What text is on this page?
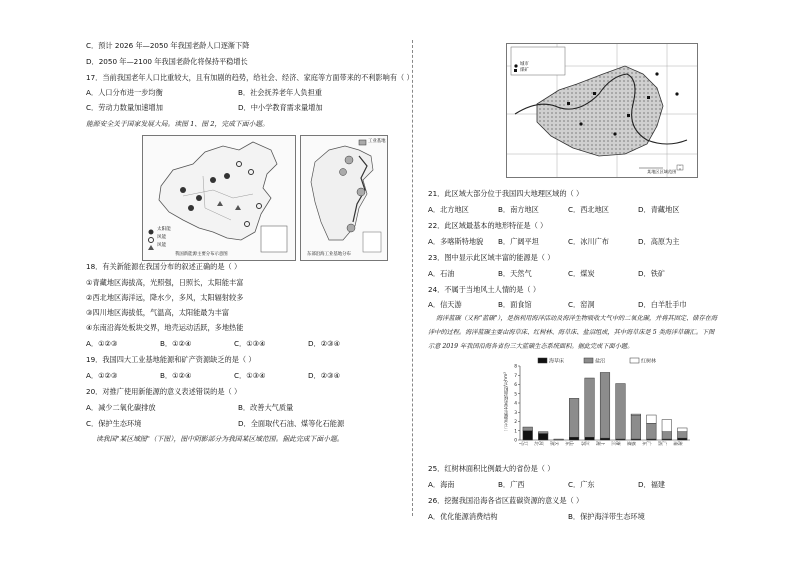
C．预计 2026 年—2050 年我国老龄人口逐渐下降
D．2050 年—2100 年我国老龄化将保持平稳增长
17．当前我国老年人口比重较大，且有加剧的趋势，给社会、经济、家庭等方面带来的不利影响有（ ）
A．人口分布进一步均衡	B．社会抚养老年人负担重
C．劳动力数量加速增加	D．中小学教育需求量增加
能源安全关于国家发展大局。读图 1、图 2，完成下面小题。
太阳能
风能
风能
我国新能源主要分布示意图
工业基地
东部沿海工业基地分布
18．有关新能源在我国分布的叙述正确的是（ ）
①青藏地区海拔高，光照强，日照长，太阳能丰富
②西北地区海洋远，降水少，多风，太阳辐射较多
③四川地区海拔低，气温高，太阳能最为丰富
④东南沿海处板块交界，地壳运动活跃，多地热能
A．①②③	B．①②④	C．①③④	D．②③④
19．我国四大工业基地能源和矿产资源缺乏的是（ ）
A．①②③	B．①②④	C．①③④	D．②③④
20．对推广使用新能源的意义表述错误的是（ ）
A．减少二氧化碳排放	B．改善大气质量
C．保护生态环境	D．全面取代石油、煤等化石能源
读我国"某区域图"（下图），图中阴影部分为我国某区域范围。据此完成下面小题。
城市
煤矿
某地区区域范围
21．此区域大部分位于我国四大地理区域的（ ）
A．北方地区	B．南方地区	C．西北地区	D．青藏地区
22．此区域最基本的地形特征是（ ）
A．多喀斯特地貌 B．广阔平坦	C．冰川广布	D．高原为主
23．图中显示此区域丰富的能源是（ ）
A．石油	B．天然气	C．煤炭	D．铁矿
24．不属于当地风土人情的是（ ）
A．信天游	B．面食馆	C．窑洞	D．白羊肚手巾
海洋蓝碳（又称"蓝碳"），是指利用海洋活动及海洋生物吸收大气中的二氧化碳，并将其固定、储存在海
洋中的过程。海洋蓝碳主要由海草床、红树林、海草床、盐沼组成，其中海草床是 5 类海洋草碳汇。下图
示意 2019 年我国沿海各省份三大蓝碳生态系统面积。据此完成下面小题。
0
1
2
3
4
5
6
7
8
辽宁	河北	天津	山东	江苏 上海	浙江	福建	广东	广西	海南
海草床	盐沼	红树林
三大蓝碳生态系统面积/万hm²
25．红树林面积比例最大的省份是（ ）
A．海南	B．广西	C．广东	D．福建
26．挖掘我国沿海各省区蓝碳资源的意义是（ ）
A．优化能源消费结构	B．保护海洋带生态环境
